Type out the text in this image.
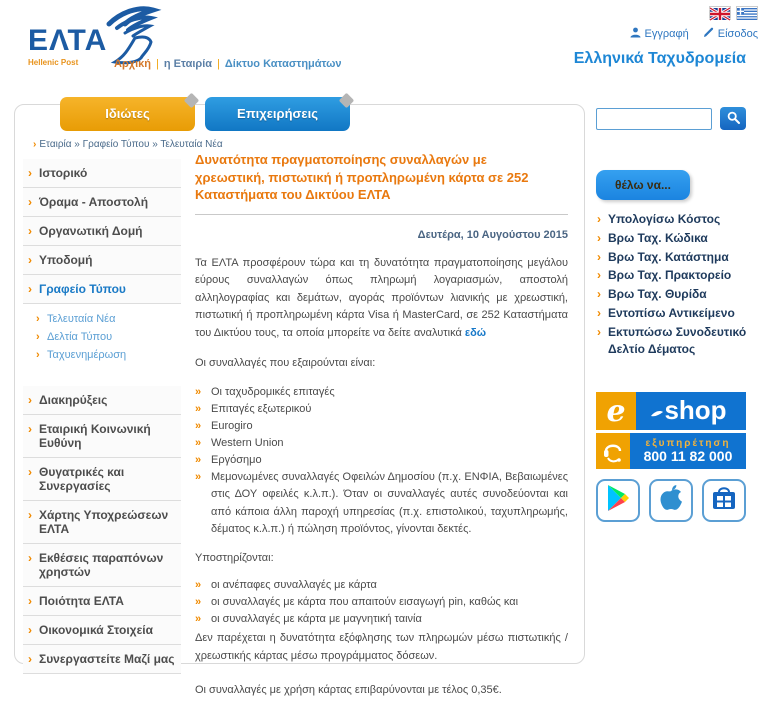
ΕΛΤΑ
Hellenic Post	Αρχική | η Εταιρία | Δίκτυο Καταστημάτων
Εγγραφή	Είσοδος
Ελληνικά Ταχυδρομεία
Ιδιώτες	Επιχειρήσεις
› Εταιρία » Γραφείο Τύπου » Τελευταία Νέα
› Ιστορικό
› Όραμα - Αποστολή
› Οργανωτική Δομή
› Υποδομή
› Γραφείο Τύπου
› Τελευταία Νέα
› Δελτία Τύπου
› Ταχυενημέρωση
› Διακηρύξεις
› Εταιρική Κοινωνική Ευθύνη
› Θυγατρικές και Συνεργασίες
› Χάρτης Υποχρεώσεων ΕΛΤΑ
› Εκθέσεις παραπόνων χρηστών
› Ποιότητα ΕΛΤΑ
› Οικονομικά Στοιχεία
› Συνεργαστείτε Μαζί μας
Δυνατότητα πραγματοποίησης συναλλαγών με χρεωστική, πιστωτική ή προπληρωμένη κάρτα σε 252 Καταστήματα του Δικτύου ΕΛΤΑ
Δευτέρα, 10 Αυγούστου 2015

Τα ΕΛΤΑ προσφέρουν τώρα και τη δυνατότητα πραγματοποίησης μεγάλου εύρους συναλλαγών όπως πληρωμή λογαριασμών, αποστολή αλληλογραφίας και δεμάτων, αγοράς προϊόντων λιανικής με χρεωστική, πιστωτική ή προπληρωμένη κάρτα Visa ή MasterCard, σε 252 Καταστήματα του Δικτύου τους, τα οποία μπορείτε να δείτε αναλυτικά εδώ

Οι συναλλαγές που εξαιρούνται είναι:

» Οι ταχυδρομικές επιταγές
» Επιταγές εξωτερικού
» Eurogiro
» Western Union
» Εργόσημο
» Μεμονωμένες συναλλαγές Οφειλών Δημοσίου (π.χ. ΕΝΦΙΑ, Βεβαιωμένες στις ΔΟΥ οφειλές κ.λ.π.). Όταν οι συναλλαγές αυτές συνοδεύονται και από κάποια άλλη παροχή υπηρεσίας (π.χ. επιστολικού, ταχυπληρωμής, δέματος κ.λ.π.) ή πώληση προϊόντος, γίνονται δεκτές.

Υποστηρίζονται:

» οι ανέπαφες συναλλαγές με κάρτα
» οι συναλλαγές με κάρτα που απαιτούν εισαγωγή pin, καθώς και
» οι συναλλαγές με κάρτα με μαγνητική ταινία

Δεν παρέχεται η δυνατότητα εξόφλησης των πληρωμών μέσω πιστωτικής / χρεωστικής κάρτας μέσω προγράμματος δόσεων.

Οι συναλλαγές με χρήση κάρτας επιβαρύνονται με τέλος 0,35€.

θέλω να...
› Υπολογίσω Κόστος
› Βρω Ταχ. Κώδικα
› Βρω Ταχ. Κατάστημα
› Βρω Ταχ. Πρακτορείο
› Βρω Ταχ. Θυρίδα
› Εντοπίσω Αντικείμενο
› Εκτυπώσω Συνοδευτικό Δελτίο Δέματος
e	shop
εξυπηρέτηση
800 11 82 000
